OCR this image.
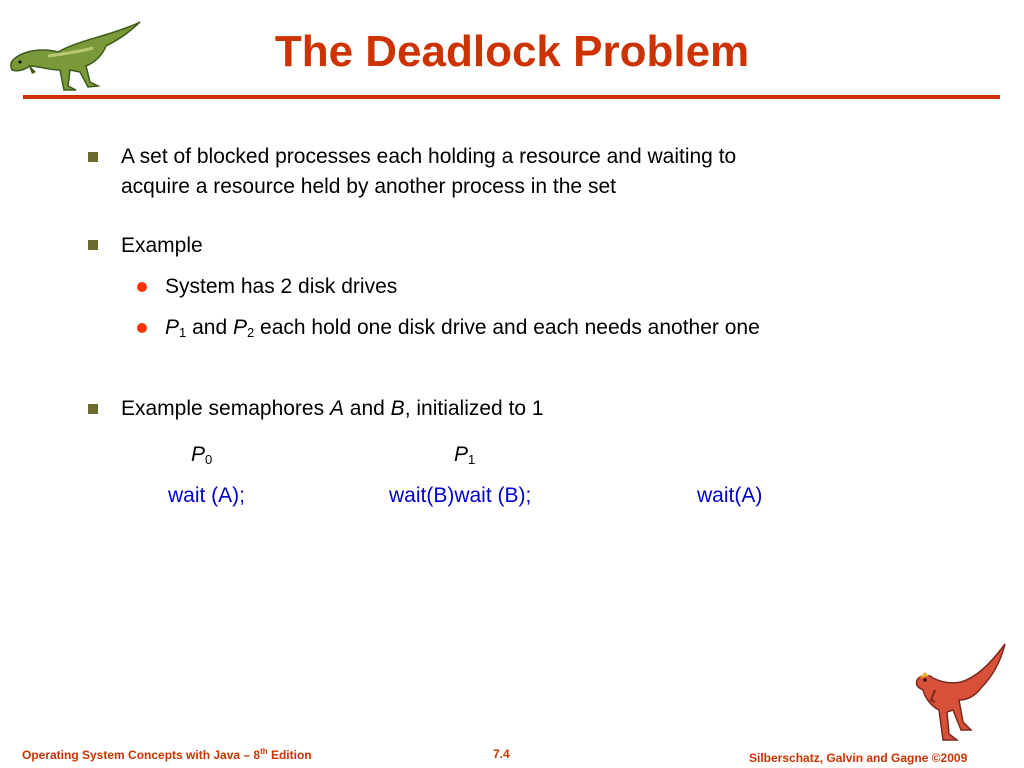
The Deadlock Problem
A set of blocked processes each holding a resource and waiting to
acquire a resource held by another process in the set
Example
System has 2 disk drives
$P_1$ and $P_2$ each hold one disk drive and each needs another one
Example semaphores A and B, initialized to 1
$P_0$	$P_1$
wait (A);	wait(B)wait (B);	wait(A)
Operating System Concepts with Java – 8th Edition	7.4	Silberschatz, Galvin and Gagne ©2009
